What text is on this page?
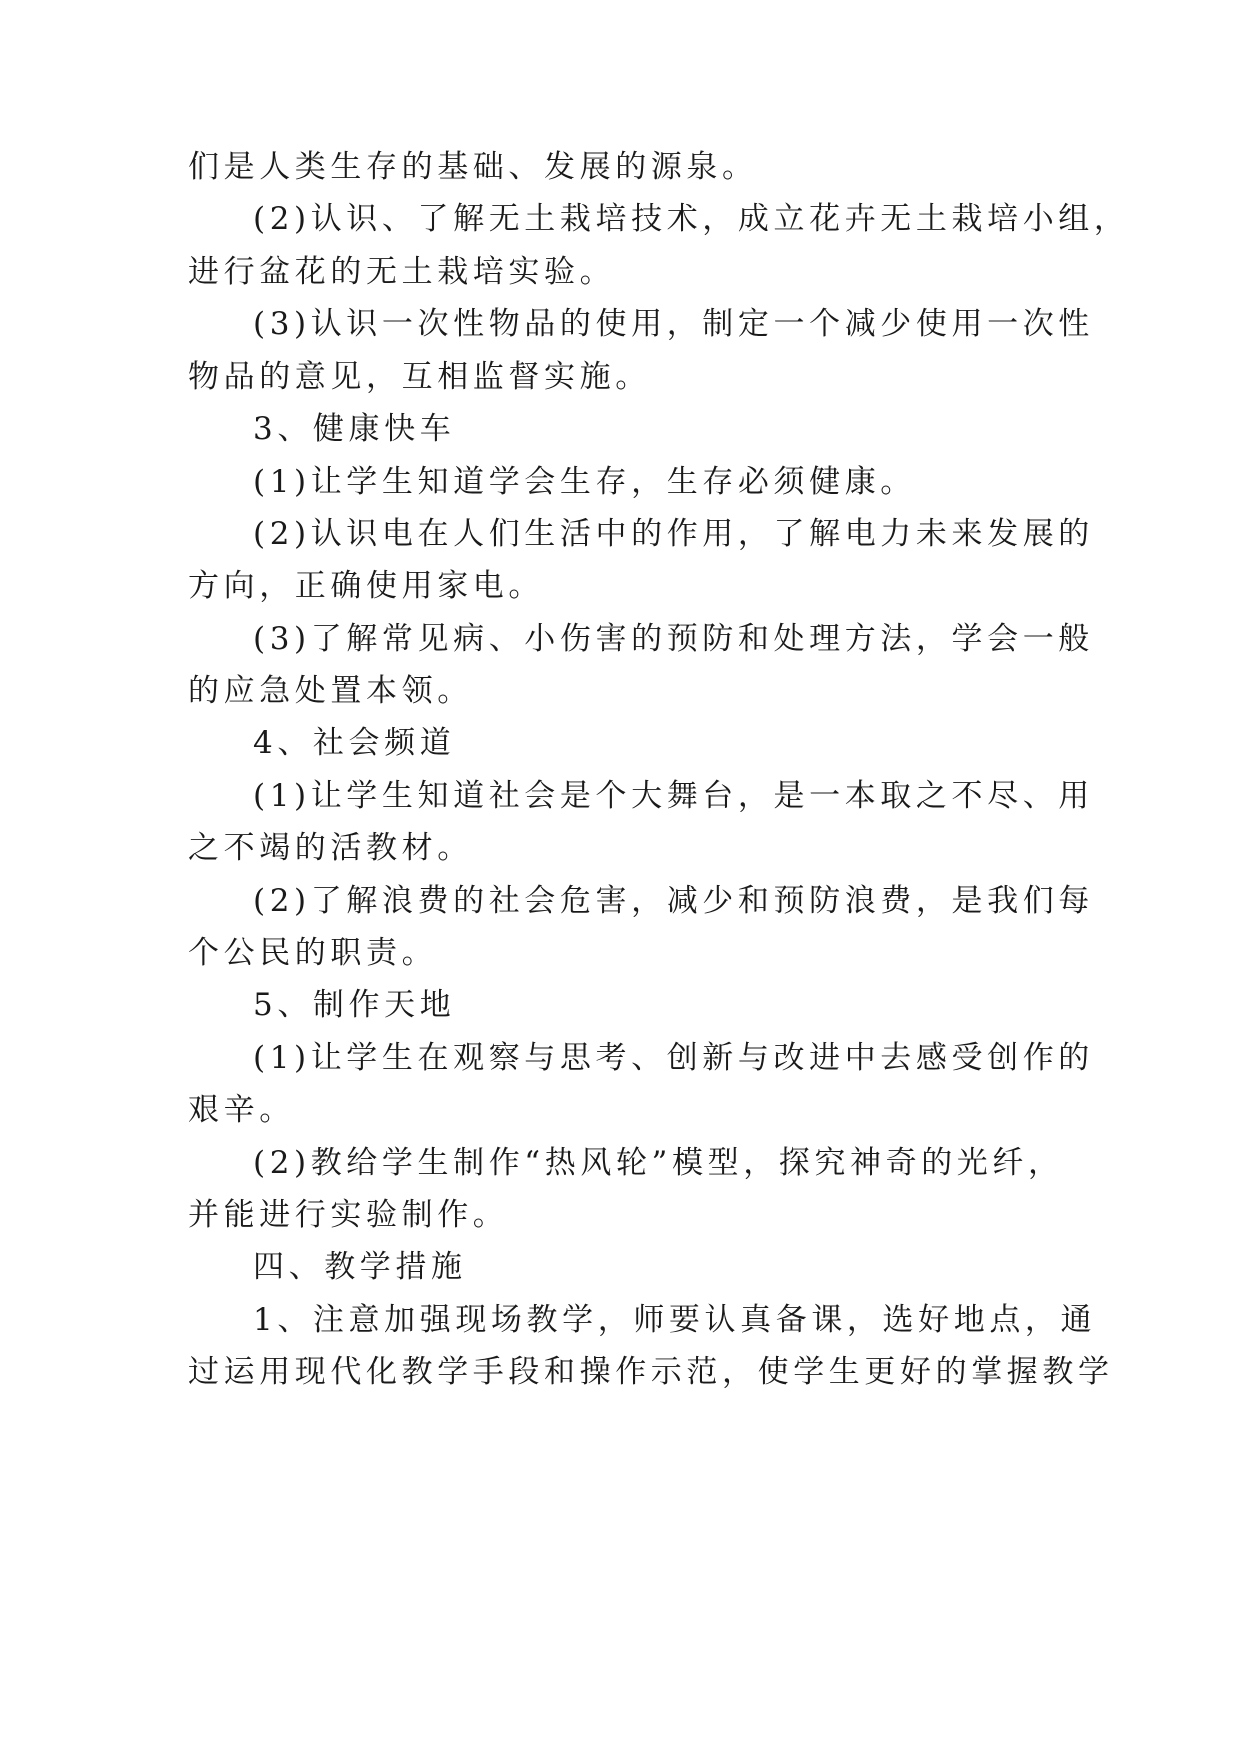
们是人类生存的基础、发展的源泉。
(2)认识、了解无土栽培技术，成立花卉无土栽培小组，
进行盆花的无土栽培实验。
(3)认识一次性物品的使用，制定一个减少使用一次性
物品的意见，互相监督实施。
3、健康快车
(1)让学生知道学会生存，生存必须健康。
(2)认识电在人们生活中的作用，了解电力未来发展的
方向，正确使用家电。
(3)了解常见病、小伤害的预防和处理方法，学会一般
的应急处置本领。
4、社会频道
(1)让学生知道社会是个大舞台，是一本取之不尽、用
之不竭的活教材。
(2)了解浪费的社会危害，减少和预防浪费，是我们每
个公民的职责。
5、制作天地
(1)让学生在观察与思考、创新与改进中去感受创作的
艰辛。
(2)教给学生制作“热风轮”模型，探究神奇的光纤，
并能进行实验制作。
四、教学措施
1、注意加强现场教学，师要认真备课，选好地点，通
过运用现代化教学手段和操作示范，使学生更好的掌握教学
